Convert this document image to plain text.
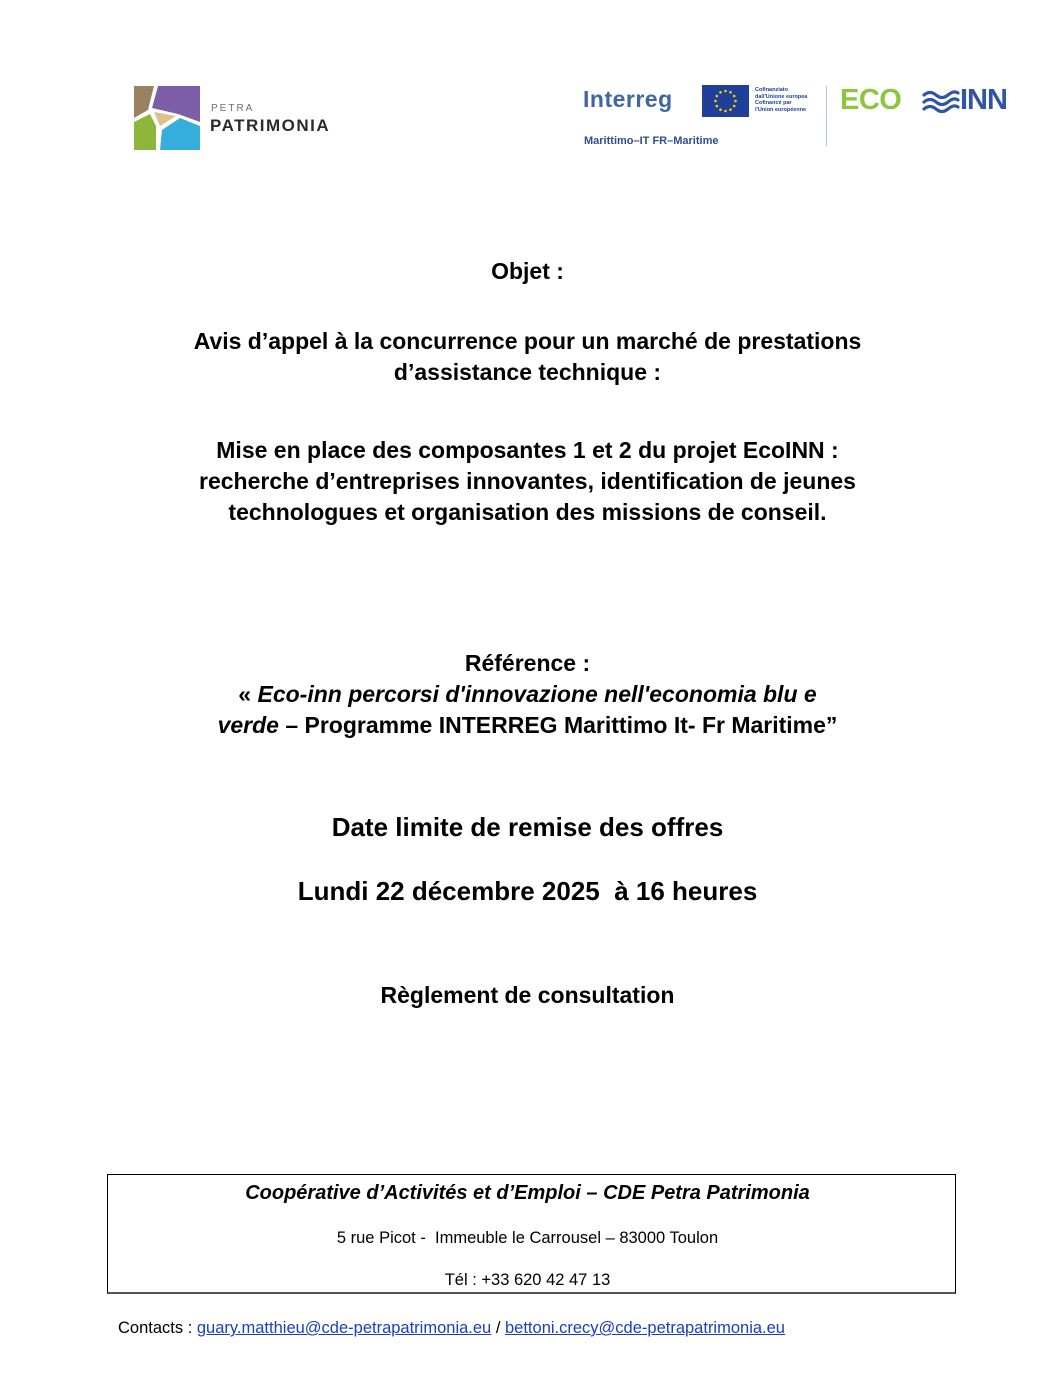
PETRA
PATRIMONIA
Interreg	Cofinanziato
dall'Unione europea
Cofinancé par
l'Union européenne
Marittimo–IT FR–Maritime
ECO INN
Objet :
Avis d’appel à la concurrence pour un marché de prestations
d’assistance technique :
Mise en place des composantes 1 et 2 du projet EcoINN :
recherche d’entreprises innovantes, identification de jeunes
technologues et organisation des missions de conseil.
Référence :
« Eco-inn percorsi d'innovazione nell'economia blu e
verde – Programme INTERREG Marittimo It- Fr Maritime”
Date limite de remise des offres
Lundi 22 décembre 2025  à 16 heures
Règlement de consultation
Coopérative d’Activités et d’Emploi – CDE Petra Patrimonia
5 rue Picot -  Immeuble le Carrousel – 83000 Toulon
Tél : +33 620 42 47 13
Contacts : guary.matthieu@cde-petrapatrimonia.eu / bettoni.crecy@cde-petrapatrimonia.eu
